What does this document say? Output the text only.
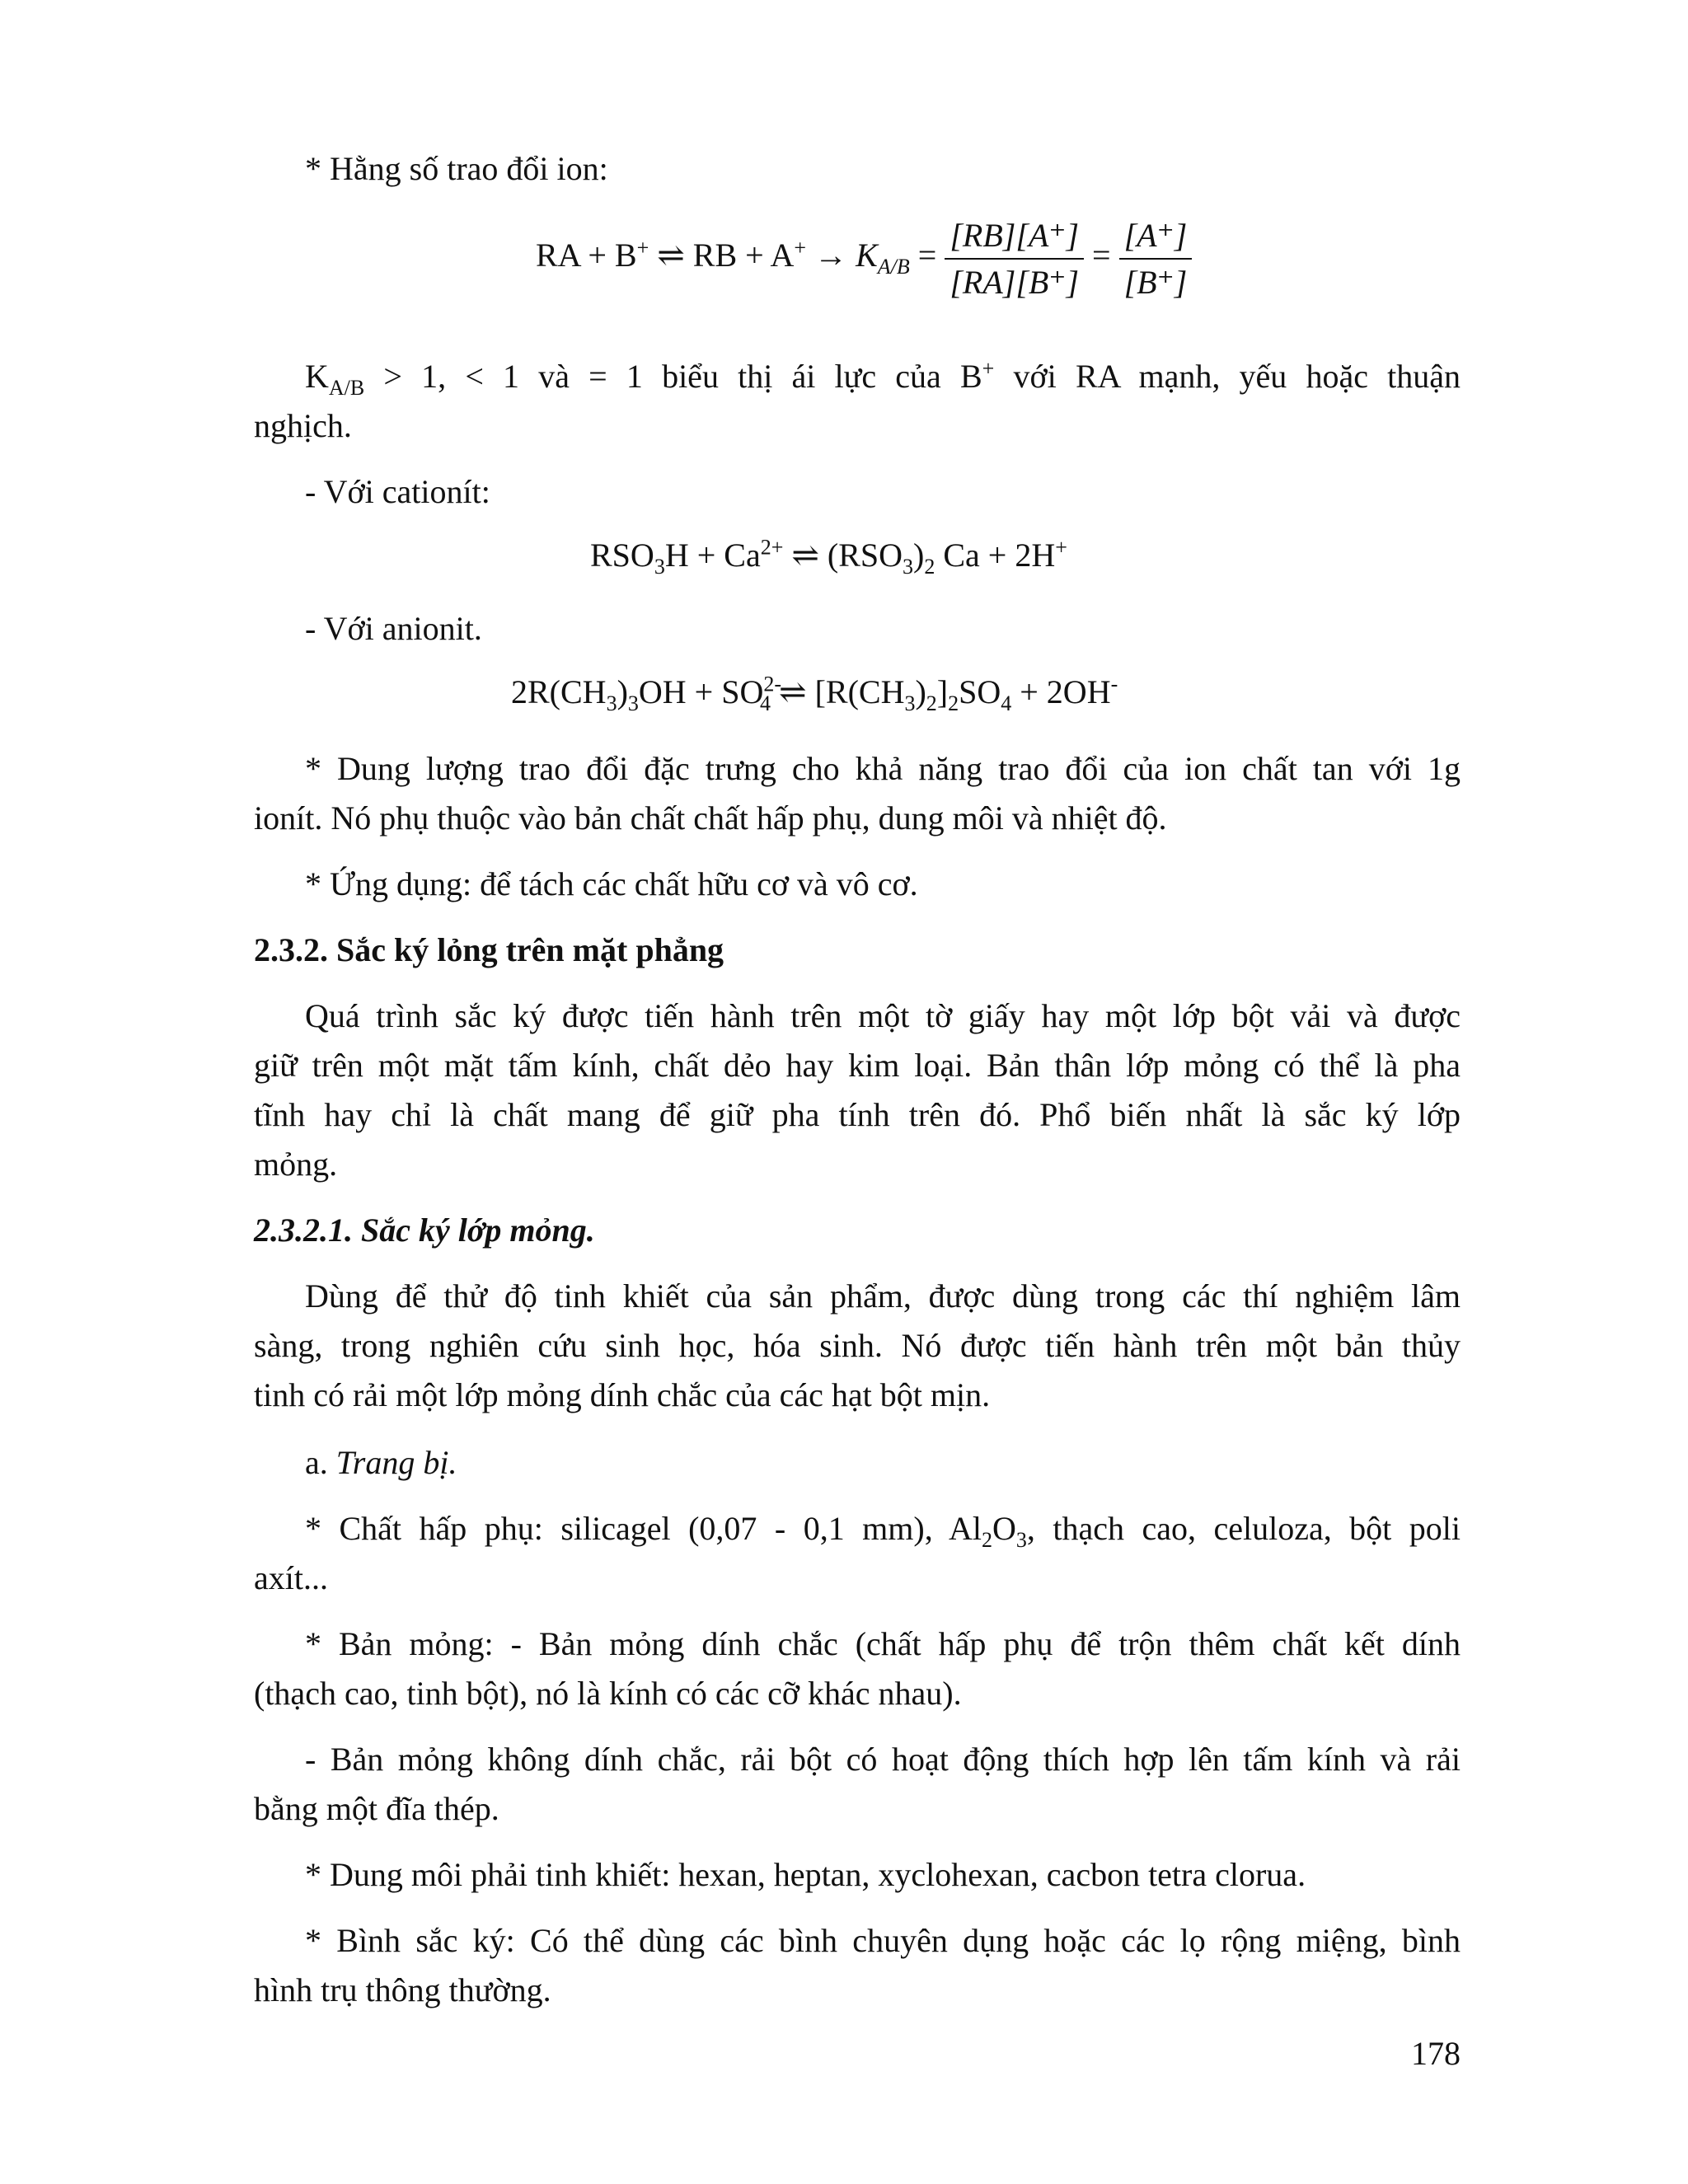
* Hằng số trao đổi ion:
RA + B+ ⇌ RB + $A^+ \to K_{A/B} = \frac{[RB][A^+]}{[RA][B^+]} = \frac{[A^+]}{[B^+]}$
$K_{A/B} > 1$, < 1 và = 1 biểu thị ái lực của B+ với RA mạnh, yếu hoặc thuận
nghịch.
- Với cationít:
$RSO_3H + Ca^{2+}$ ⇌ $(RSO_3)_2$ Ca + 2H+
- Với anionit.
$2R(CH_3)_3OH + SO^{2-}_4$ ⇌ $[R(CH_3)_2]_2SO_4 + 2OH^-$
* Dung lượng trao đổi đặc trưng cho khả năng trao đổi của ion chất tan với 1g
ionít. Nó phụ thuộc vào bản chất chất hấp phụ, dung môi và nhiệt độ.
* Ứng dụng: để tách các chất hữu cơ và vô cơ.
2.3.2. Sắc ký lỏng trên mặt phẳng
Quá trình sắc ký được tiến hành trên một tờ giấy hay một lớp bột vải và được
giữ trên một mặt tấm kính, chất dẻo hay kim loại. Bản thân lớp mỏng có thể là pha
tĩnh hay chỉ là chất mang để giữ pha tính trên đó. Phổ biến nhất là sắc ký lớp
mỏng.
2.3.2.1. Sắc ký lớp mỏng.
Dùng để thử độ tinh khiết của sản phẩm, được dùng trong các thí nghiệm lâm
sàng, trong nghiên cứu sinh học, hóa sinh. Nó được tiến hành trên một bản thủy
tinh có rải một lớp mỏng dính chắc của các hạt bột mịn.
a. Trang bị.
* Chất hấp phụ: silicagel (0,07 - 0,1 mm), $Al_2O_3$, thạch cao, celuloza, bột poli
axít...
* Bản mỏng: - Bản mỏng dính chắc (chất hấp phụ để trộn thêm chất kết dính
(thạch cao, tinh bột), nó là kính có các cỡ khác nhau).
- Bản mỏng không dính chắc, rải bột có hoạt động thích hợp lên tấm kính và rải
bằng một đĩa thép.
* Dung môi phải tinh khiết: hexan, heptan, xyclohexan, cacbon tetra clorua.
* Bình sắc ký: Có thể dùng các bình chuyên dụng hoặc các lọ rộng miệng, bình
hình trụ thông thường.
178
